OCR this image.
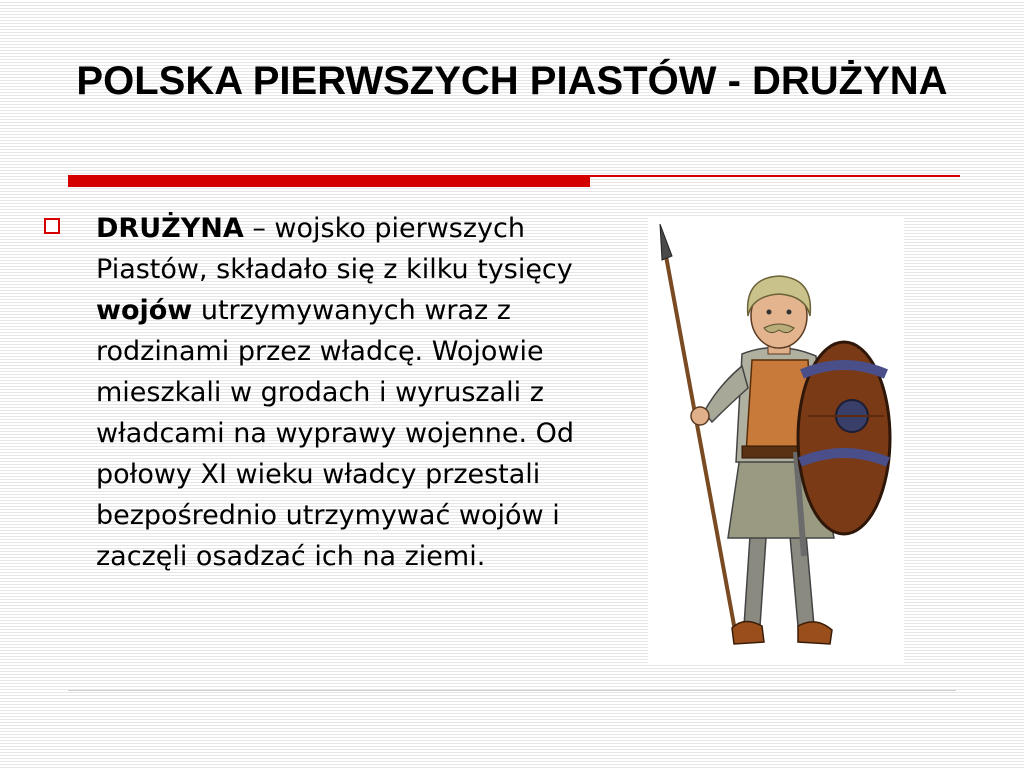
POLSKA PIERWSZYCH PIASTÓW - DRUŻYNA

DRUŻYNA – wojsko pierwszych Piastów, składało się z kilku tysięcy wojów utrzymywanych wraz z rodzinami przez władcę. Wojowie mieszkali w grodach i wyruszali z władcami na wyprawy wojenne. Od połowy XI wieku władcy przestali bezpośrednio utrzymywać wojów i zaczęli osadzać ich na ziemi.
